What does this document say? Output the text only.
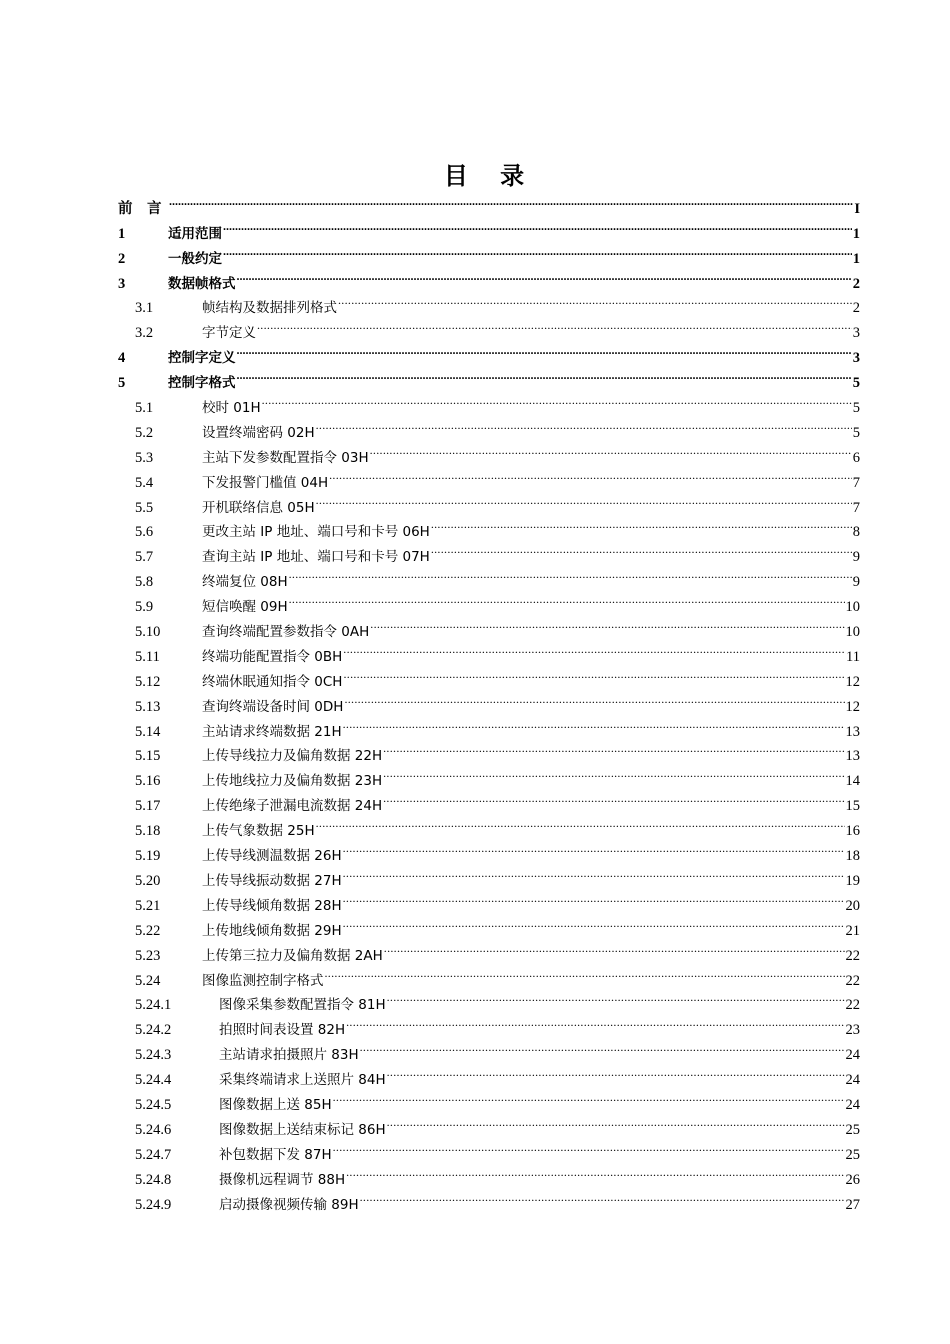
目 录
前　言 .....	I
1	适用范围 .....	1
2	一般约定 .....	1
3	数据帧格式 .....	2
3.1	帧结构及数据排列格式 .....	2
3.2	字节定义 .....	3
4	控制字定义 .....	3
5	控制字格式 .....	5
5.1	校时 01H .....	5
5.2	设置终端密码 02H .....	5
5.3	主站下发参数配置指令 03H .....	6
5.4	下发报警门槛值 04H .....	7
5.5	开机联络信息 05H .....	7
5.6	更改主站 IP 地址、端口号和卡号 06H .....	8
5.7	查询主站 IP 地址、端口号和卡号 07H .....	9
5.8	终端复位 08H .....	9
5.9	短信唤醒 09H .....	10
5.10	查询终端配置参数指令 0AH .....	10
5.11	终端功能配置指令 0BH .....	11
5.12	终端休眠通知指令 0CH .....	12
5.13	查询终端设备时间 0DH .....	12
5.14	主站请求终端数据 21H .....	13
5.15	上传导线拉力及偏角数据 22H .....	13
5.16	上传地线拉力及偏角数据 23H .....	14
5.17	上传绝缘子泄漏电流数据 24H .....	15
5.18	上传气象数据 25H .....	16
5.19	上传导线测温数据 26H .....	18
5.20	上传导线振动数据 27H .....	19
5.21	上传导线倾角数据 28H .....	20
5.22	上传地线倾角数据 29H .....	21
5.23	上传第三拉力及偏角数据 2AH .....	22
5.24	图像监测控制字格式 .....	22
5.24.1	图像采集参数配置指令 81H .....	22
5.24.2	拍照时间表设置 82H .....	23
5.24.3	主站请求拍摄照片 83H .....	24
5.24.4	采集终端请求上送照片 84H .....	24
5.24.5	图像数据上送 85H .....	24
5.24.6	图像数据上送结束标记 86H .....	25
5.24.7	补包数据下发 87H .....	25
5.24.8	摄像机远程调节 88H .....	26
5.24.9	启动摄像视频传输 89H .....	27
